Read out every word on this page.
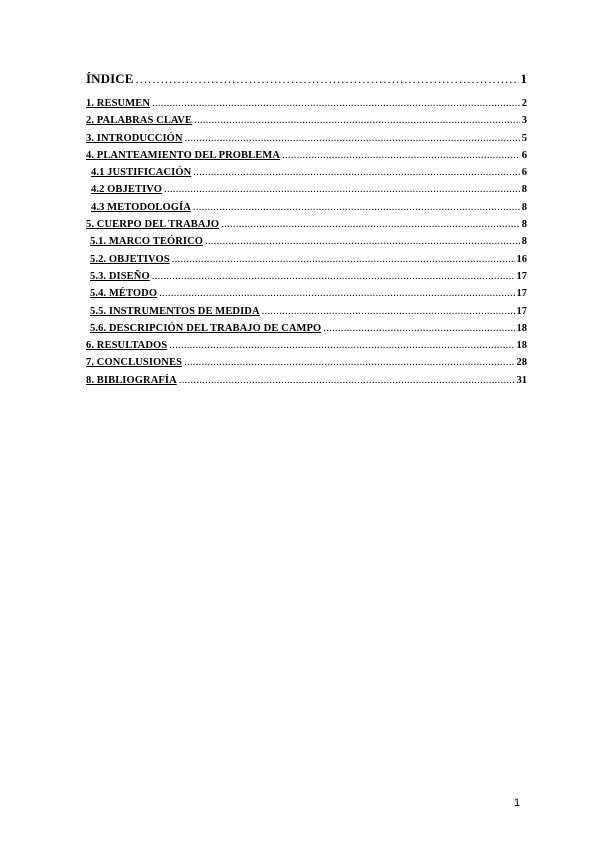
ÍNDICE .....	1
1. RESUMEN .....	2
2. PALABRAS CLAVE .....	3
3. INTRODUCCIÓN .....	5
4. PLANTEAMIENTO DEL PROBLEMA .....	6
4.1 JUSTIFICACIÓN .....	6
4.2 OBJETIVO .....	8
4.3 METODOLOGÍA .....	8
5. CUERPO DEL TRABAJO .....	8
5.1. MARCO TEÓRICO .....	8
5.2. OBJETIVOS .....	16
5.3. DISEÑO .....	17
5.4. MÉTODO .....	17
5.5. INSTRUMENTOS DE MEDIDA .....	17
5.6. DESCRIPCIÓN DEL TRABAJO DE CAMPO .....	18
6. RESULTADOS .....	18
7. CONCLUSIONES .....	28
8. BIBLIOGRAFÍA .....	31
1
